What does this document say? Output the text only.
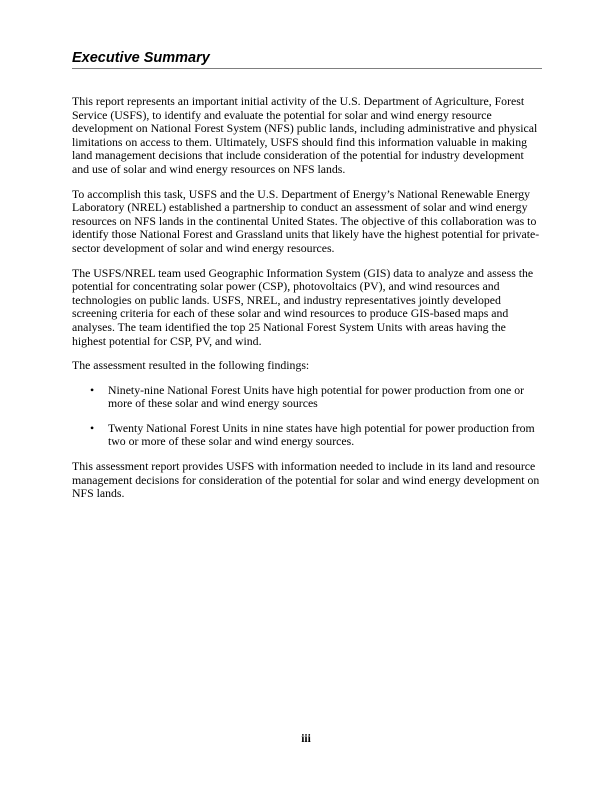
Executive Summary

This report represents an important initial activity of the U.S. Department of Agriculture, Forest Service (USFS), to identify and evaluate the potential for solar and wind energy resource development on National Forest System (NFS) public lands, including administrative and physical limitations on access to them. Ultimately, USFS should find this information valuable in making land management decisions that include consideration of the potential for industry development and use of solar and wind energy resources on NFS lands.

To accomplish this task, USFS and the U.S. Department of Energy’s National Renewable Energy Laboratory (NREL) established a partnership to conduct an assessment of solar and wind energy resources on NFS lands in the continental United States. The objective of this collaboration was to identify those National Forest and Grassland units that likely have the highest potential for private-sector development of solar and wind energy resources.

The USFS/NREL team used Geographic Information System (GIS) data to analyze and assess the potential for concentrating solar power (CSP), photovoltaics (PV), and wind resources and technologies on public lands. USFS, NREL, and industry representatives jointly developed screening criteria for each of these solar and wind resources to produce GIS-based maps and analyses. The team identified the top 25 National Forest System Units with areas having the highest potential for CSP, PV, and wind.

The assessment resulted in the following findings:

• Ninety-nine National Forest Units have high potential for power production from one or more of these solar and wind energy sources
• Twenty National Forest Units in nine states have high potential for power production from two or more of these solar and wind energy sources.

This assessment report provides USFS with information needed to include in its land and resource management decisions for consideration of the potential for solar and wind energy development on NFS lands.

iii
